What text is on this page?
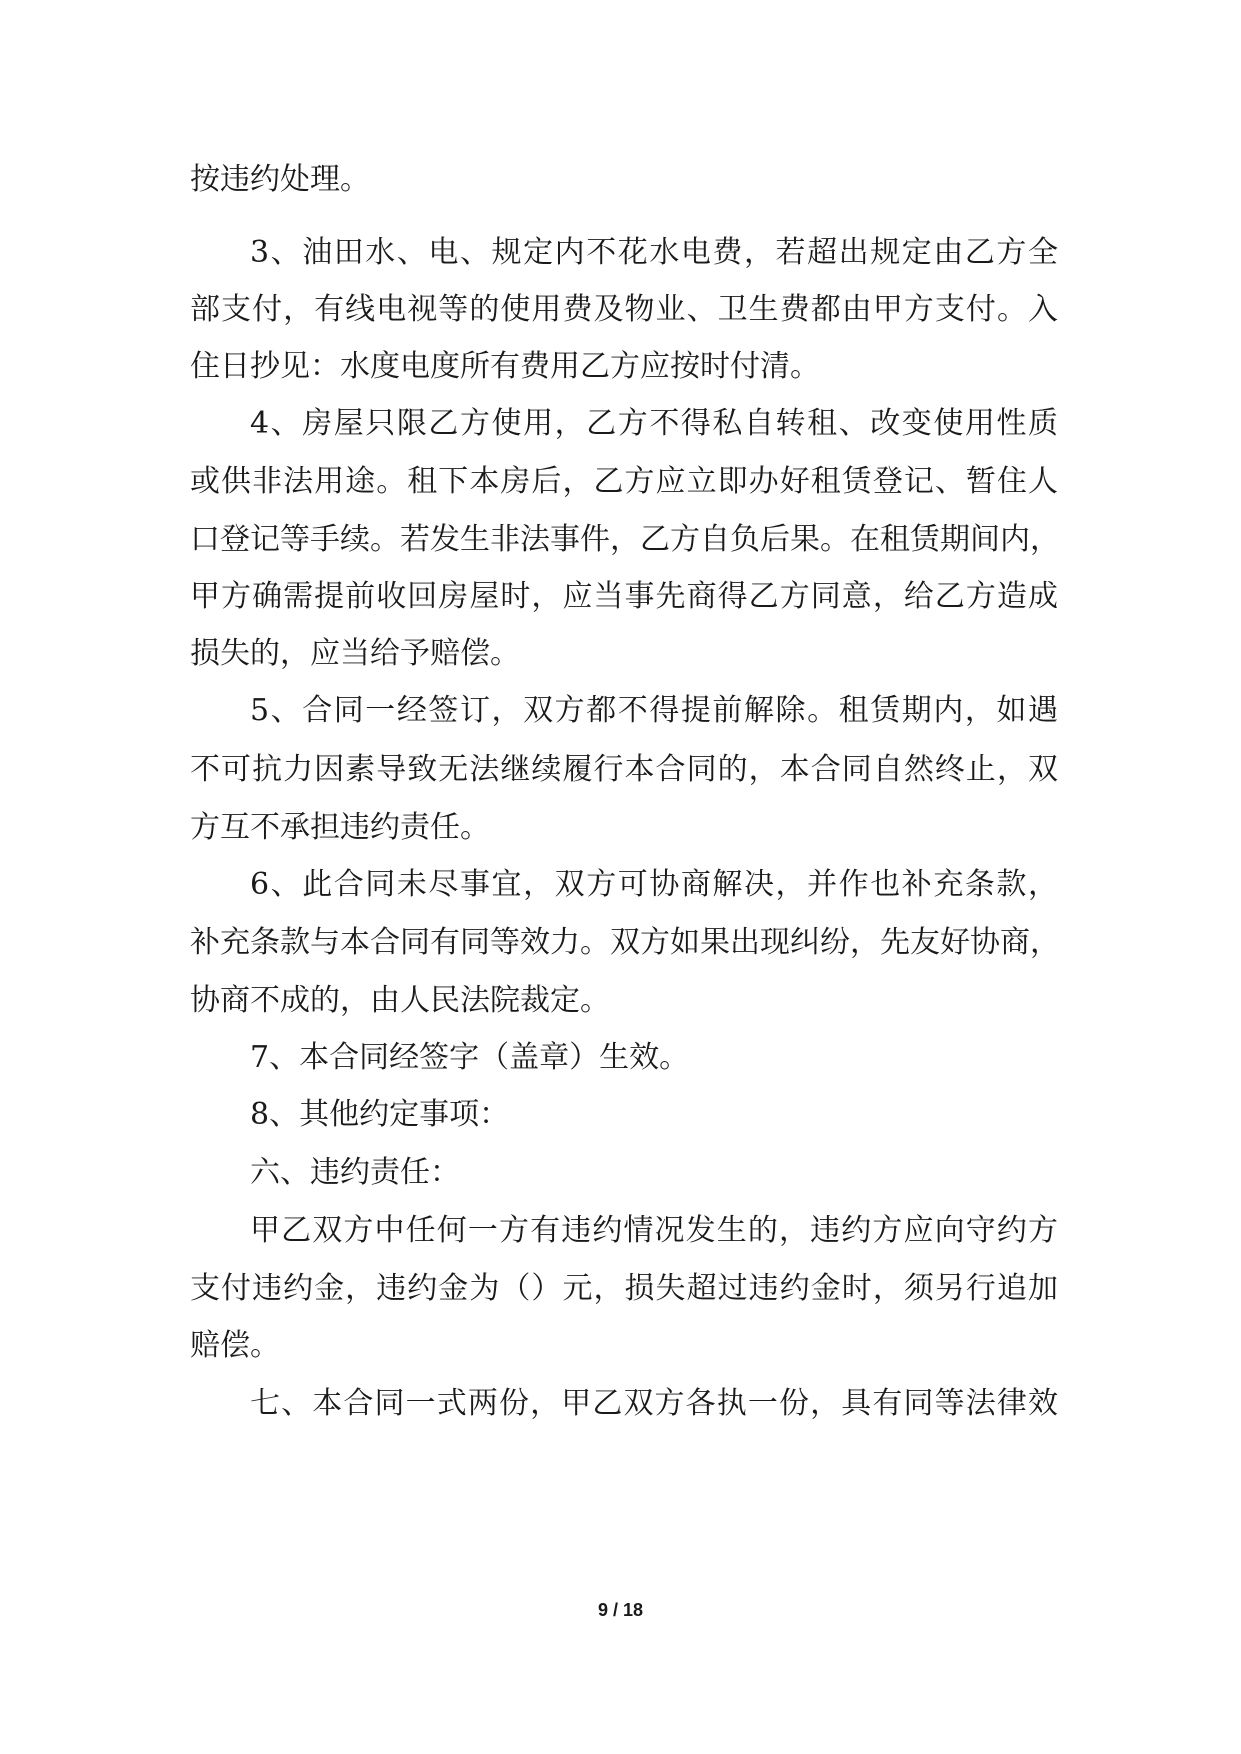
按违约处理。
3、油田水、电、规定内不花水电费，若超出规定由乙方全
部支付，有线电视等的使用费及物业、卫生费都由甲方支付。入
住日抄见：水度电度所有费用乙方应按时付清。
4、房屋只限乙方使用，乙方不得私自转租、改变使用性质
或供非法用途。租下本房后，乙方应立即办好租赁登记、暂住人
口登记等手续。若发生非法事件，乙方自负后果。在租赁期间内，
甲方确需提前收回房屋时，应当事先商得乙方同意，给乙方造成
损失的，应当给予赔偿。
5、合同一经签订，双方都不得提前解除。租赁期内，如遇
不可抗力因素导致无法继续履行本合同的，本合同自然终止，双
方互不承担违约责任。
6、此合同未尽事宜，双方可协商解决，并作也补充条款，
补充条款与本合同有同等效力。双方如果出现纠纷，先友好协商，
协商不成的，由人民法院裁定。
7、本合同经签字（盖章）生效。
8、其他约定事项：
六、违约责任：
甲乙双方中任何一方有违约情况发生的，违约方应向守约方
支付违约金，违约金为（）元，损失超过违约金时，须另行追加
赔偿。
七、本合同一式两份，甲乙双方各执一份，具有同等法律效
9 / 18
